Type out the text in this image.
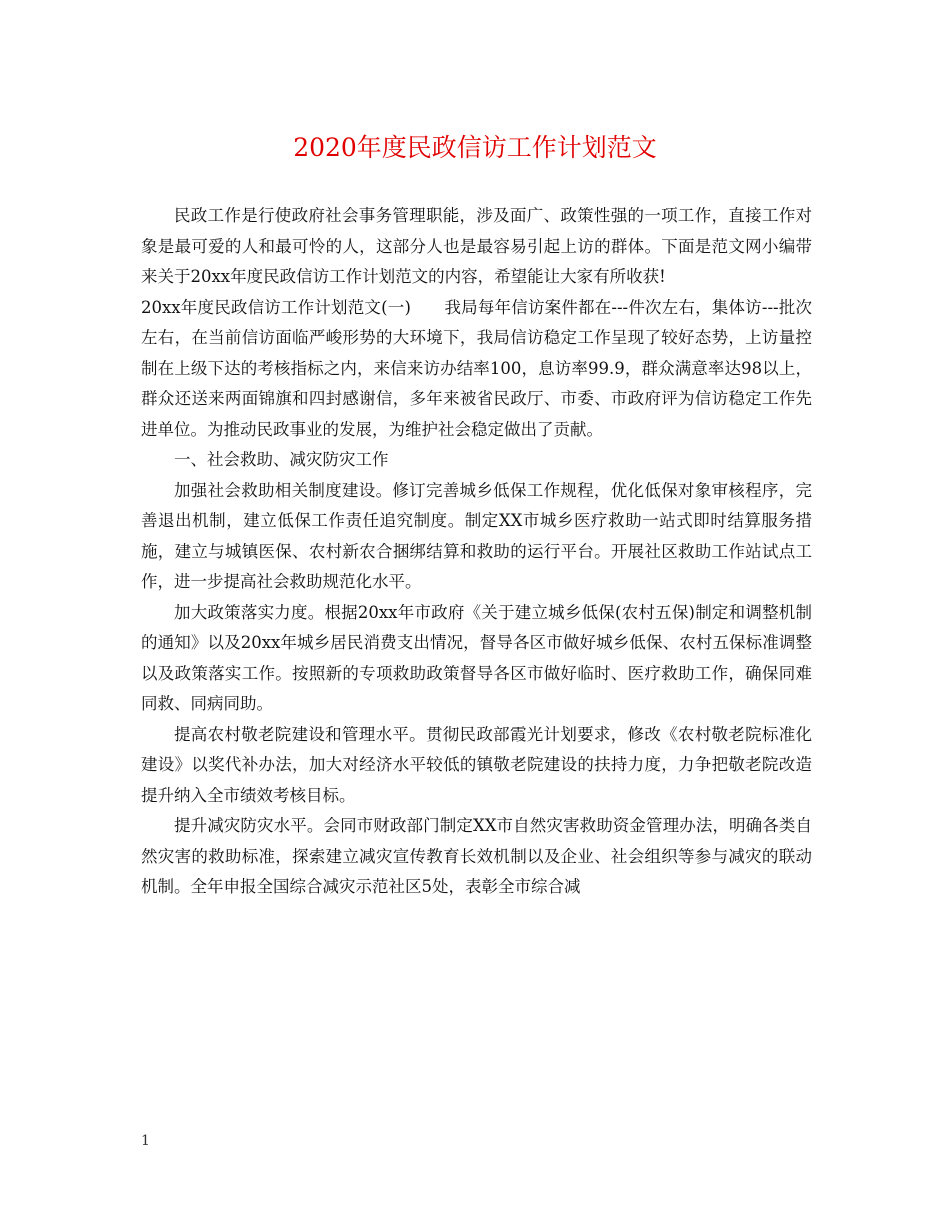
2020年度民政信访工作计划范文

民政工作是行使政府社会事务管理职能，涉及面广、政策性强的一项工作，直接工作对象是最可爱的人和最可怜的人，这部分人也是最容易引起上访的群体。下面是范文网小编带来关于20xx年度民政信访工作计划范文的内容，希望能让大家有所收获!

20xx年度民政信访工作计划范文(一)　　我局每年信访案件都在---件次左右，集体访---批次左右，在当前信访面临严峻形势的大环境下，我局信访稳定工作呈现了较好态势，上访量控制在上级下达的考核指标之内，来信来访办结率100，息访率99.9，群众满意率达98以上，群众还送来两面锦旗和四封感谢信，多年来被省民政厅、市委、市政府评为信访稳定工作先进单位。为推动民政事业的发展，为维护社会稳定做出了贡献。

一、社会救助、减灾防灾工作

加强社会救助相关制度建设。修订完善城乡低保工作规程，优化低保对象审核程序，完善退出机制，建立低保工作责任追究制度。制定XX市城乡医疗救助一站式即时结算服务措施，建立与城镇医保、农村新农合捆绑结算和救助的运行平台。开展社区救助工作站试点工作，进一步提高社会救助规范化水平。

加大政策落实力度。根据20xx年市政府《关于建立城乡低保(农村五保)制定和调整机制的通知》以及20xx年城乡居民消费支出情况，督导各区市做好城乡低保、农村五保标准调整以及政策落实工作。按照新的专项救助政策督导各区市做好临时、医疗救助工作，确保同难同救、同病同助。

提高农村敬老院建设和管理水平。贯彻民政部霞光计划要求，修改《农村敬老院标准化建设》以奖代补办法，加大对经济水平较低的镇敬老院建设的扶持力度，力争把敬老院改造提升纳入全市绩效考核目标。

提升减灾防灾水平。会同市财政部门制定XX市自然灾害救助资金管理办法，明确各类自然灾害的救助标准，探索建立减灾宣传教育长效机制以及企业、社会组织等参与减灾的联动机制。全年申报全国综合减灾示范社区5处，表彰全市综合减

1
